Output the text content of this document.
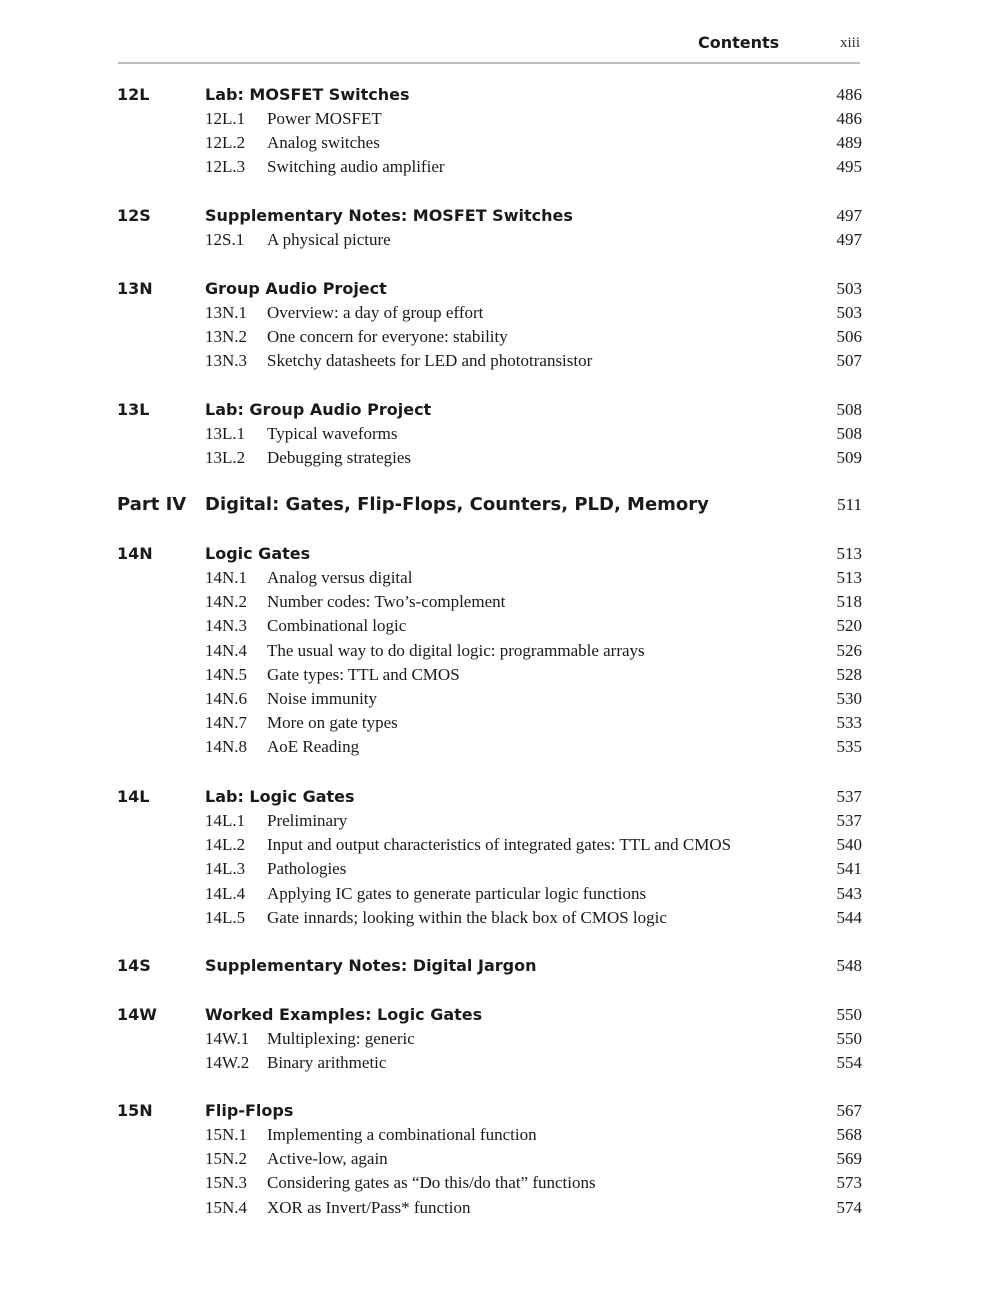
Contents	xiii
12L	Lab: MOSFET Switches	486
12L.1 Power MOSFET	486
12L.2 Analog switches	489
12L.3 Switching audio amplifier	495
12S	Supplementary Notes: MOSFET Switches	497
12S.1 A physical picture	497
13N	Group Audio Project	503
13N.1 Overview: a day of group effort	503
13N.2 One concern for everyone: stability	506
13N.3 Sketchy datasheets for LED and phototransistor	507
13L	Lab: Group Audio Project	508
13L.1 Typical waveforms	508
13L.2 Debugging strategies	509
Part IV Digital: Gates, Flip-Flops, Counters, PLD, Memory	511
14N	Logic Gates	513
14N.1 Analog versus digital	513
14N.2 Number codes: Two’s-complement	518
14N.3 Combinational logic	520
14N.4 The usual way to do digital logic: programmable arrays	526
14N.5 Gate types: TTL and CMOS	528
14N.6 Noise immunity	530
14N.7 More on gate types	533
14N.8 AoE Reading	535
14L	Lab: Logic Gates	537
14L.1 Preliminary	537
14L.2 Input and output characteristics of integrated gates: TTL and CMOS	540
14L.3 Pathologies	541
14L.4 Applying IC gates to generate particular logic functions	543
14L.5 Gate innards; looking within the black box of CMOS logic	544
14S	Supplementary Notes: Digital Jargon	548
14W	Worked Examples: Logic Gates	550
14W.1 Multiplexing: generic	550
14W.2 Binary arithmetic	554
15N	Flip-Flops	567
15N.1 Implementing a combinational function	568
15N.2 Active-low, again	569
15N.3 Considering gates as “Do this/do that” functions	573
15N.4 XOR as Invert/Pass* function	574
